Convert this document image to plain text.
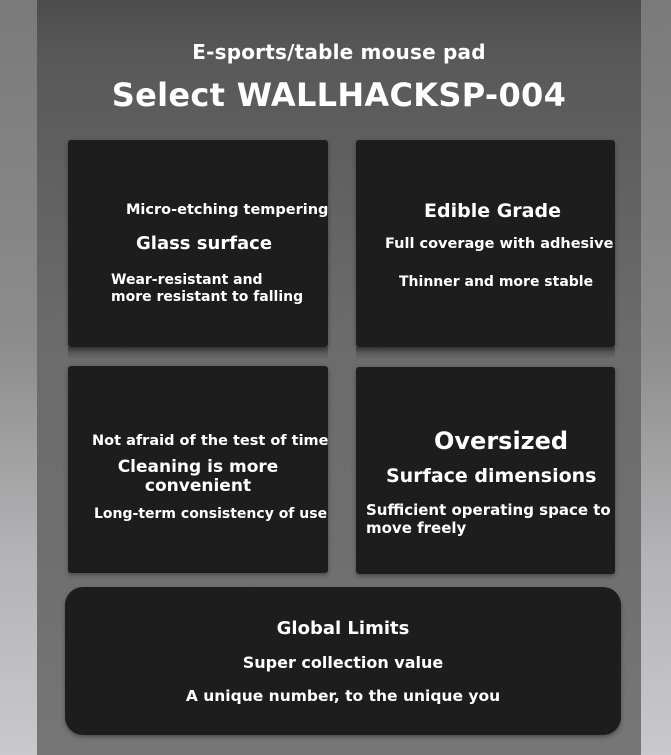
E-sports/table mouse pad
Select WALLHACKSP-004
Micro-etching tempering
Glass surface
Wear-resistant and
more resistant to falling
Edible Grade
Full coverage with adhesive
Thinner and more stable
Not afraid of the test of time
Cleaning is more
convenient
Long-term consistency of use
Oversized
Surface dimensions
Sufficient operating space to
move freely
Global Limits
Super collection value
A unique number, to the unique you
